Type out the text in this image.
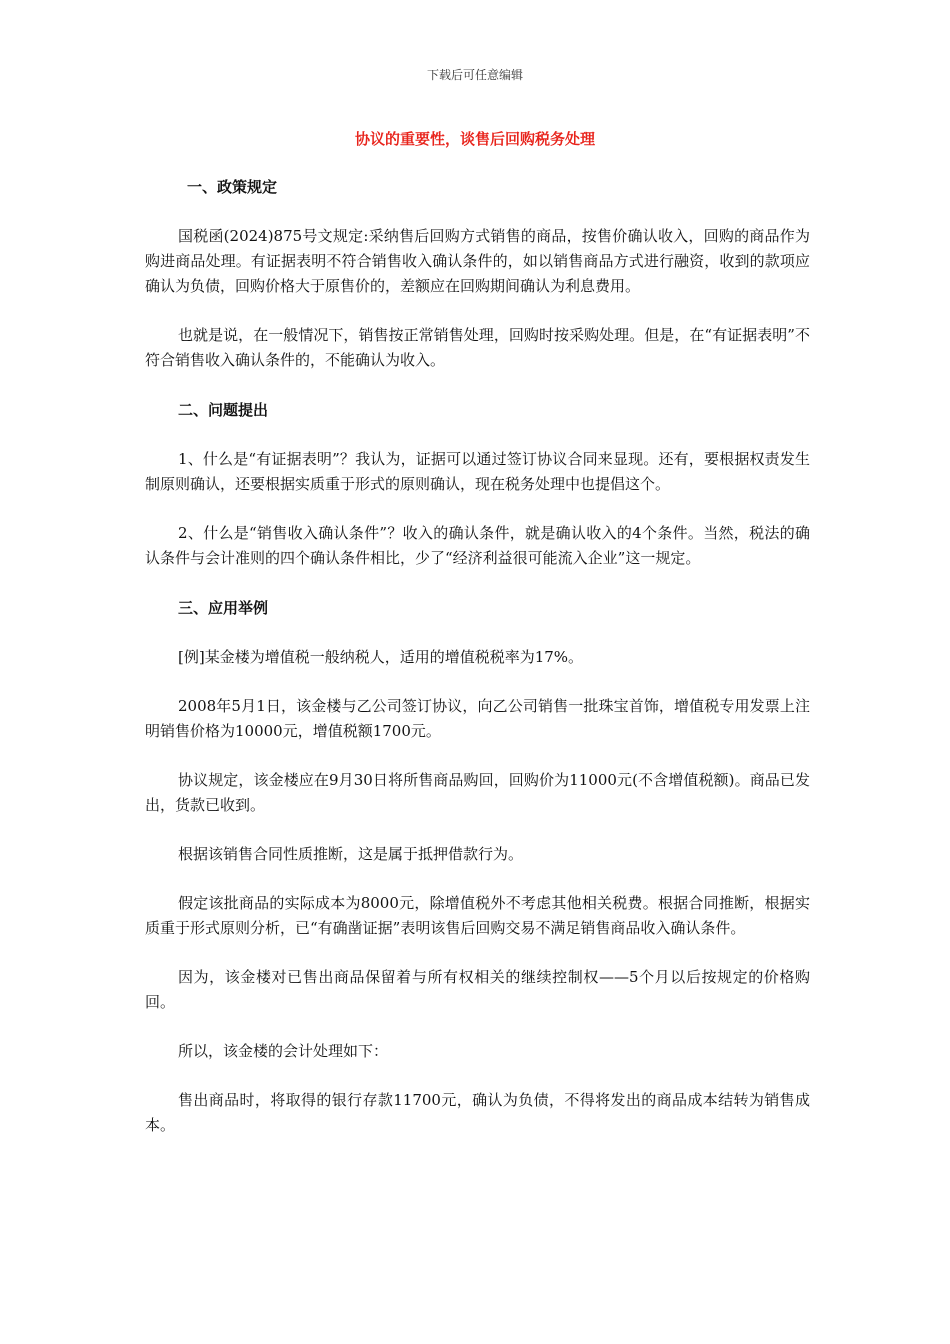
下载后可任意编辑
协议的重要性，谈售后回购税务处理

一、政策规定

国税函(2024)875号文规定:采纳售后回购方式销售的商品，按售价确认收入，回购的商品作为购进商品处理。有证据表明不符合销售收入确认条件的，如以销售商品方式进行融资，收到的款项应确认为负债，回购价格大于原售价的，差额应在回购期间确认为利息费用。

也就是说，在一般情况下，销售按正常销售处理，回购时按采购处理。但是，在“有证据表明”不符合销售收入确认条件的，不能确认为收入。

二、问题提出

1、什么是“有证据表明”？我认为，证据可以通过签订协议合同来显现。还有，要根据权责发生制原则确认，还要根据实质重于形式的原则确认，现在税务处理中也提倡这个。

2、什么是“销售收入确认条件”？收入的确认条件，就是确认收入的4个条件。当然，税法的确认条件与会计准则的四个确认条件相比，少了“经济利益很可能流入企业”这一规定。

三、应用举例

[例]某金楼为增值税一般纳税人，适用的增值税税率为17%。

2008年5月1日，该金楼与乙公司签订协议，向乙公司销售一批珠宝首饰，增值税专用发票上注明销售价格为10000元，增值税额1700元。

协议规定，该金楼应在9月30日将所售商品购回，回购价为11000元(不含增值税额)。商品已发出，货款已收到。

根据该销售合同性质推断，这是属于抵押借款行为。

假定该批商品的实际成本为8000元，除增值税外不考虑其他相关税费。根据合同推断，根据实质重于形式原则分析，已“有确凿证据”表明该售后回购交易不满足销售商品收入确认条件。

因为，该金楼对已售出商品保留着与所有权相关的继续控制权——5个月以后按规定的价格购回。

所以，该金楼的会计处理如下：

售出商品时，将取得的银行存款11700元，确认为负债，不得将发出的商品成本结转为销售成本。
